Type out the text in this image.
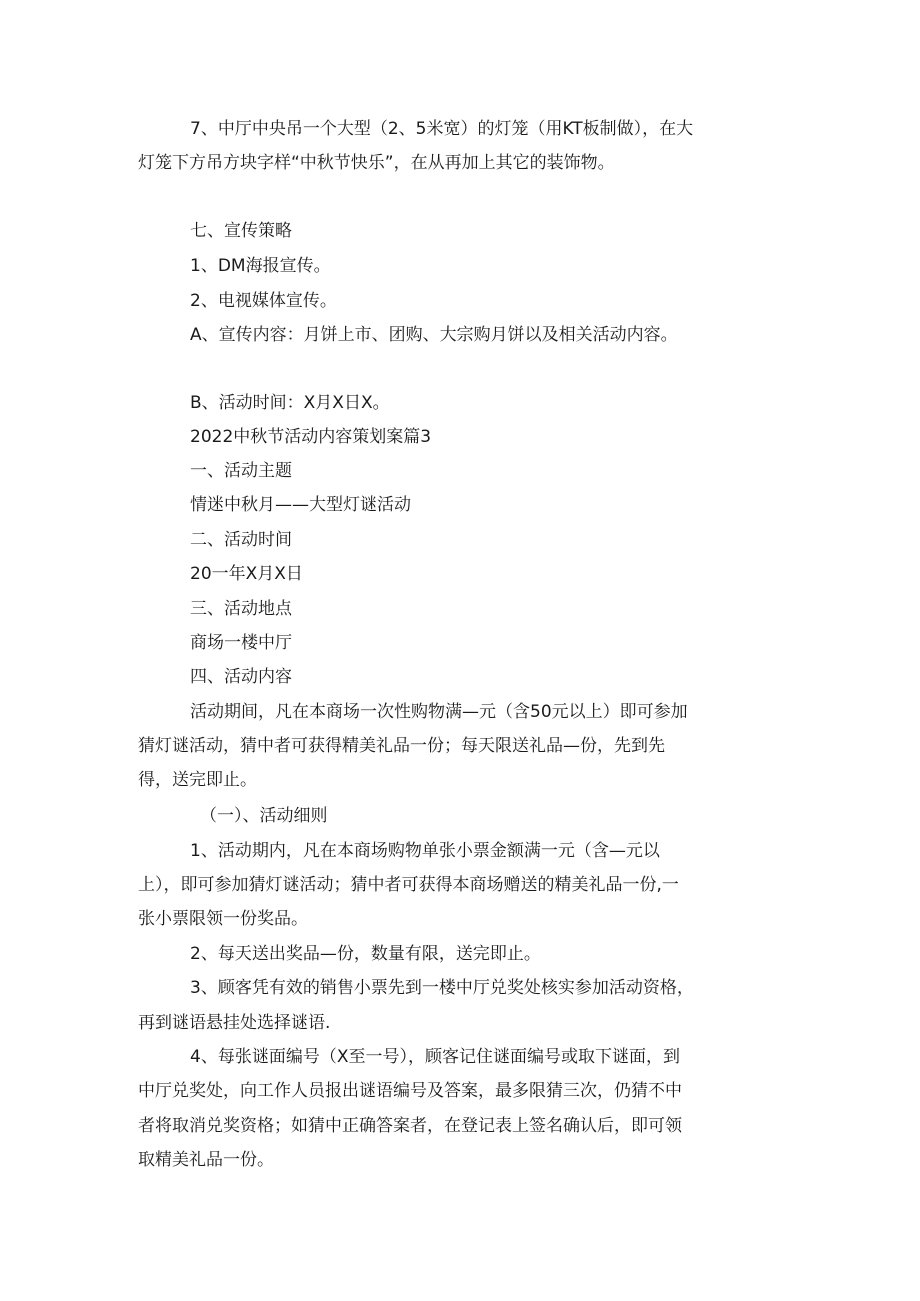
7、中厅中央吊一个大型（2、5米宽）的灯笼（用KT板制做），在大
灯笼下方吊方块字样“中秋节快乐”，在从再加上其它的装饰物。
七、宣传策略
1、DM海报宣传。
2、电视媒体宣传。
A、宣传内容：月饼上市、团购、大宗购月饼以及相关活动内容。
B、活动时间：X月X日X。
2022中秋节活动内容策划案篇3
一、活动主题
情迷中秋月——大型灯谜活动
二、活动时间
20一年X月X日
三、活动地点
商场一楼中厅
四、活动内容
活动期间，凡在本商场一次性购物满—元（含50元以上）即可参加
猜灯谜活动，猜中者可获得精美礼品一份；每天限送礼品—份，先到先
得，送完即止。
（一）、活动细则
1、活动期内，凡在本商场购物单张小票金额满一元（含—元以
上），即可参加猜灯谜活动；猜中者可获得本商场赠送的精美礼品一份,一
张小票限领一份奖品。
2、每天送出奖品—份，数量有限，送完即止。
3、顾客凭有效的销售小票先到一楼中厅兑奖处核实参加活动资格，
再到谜语悬挂处选择谜语.
4、每张谜面编号（X至一号），顾客记住谜面编号或取下谜面，到
中厅兑奖处，向工作人员报出谜语编号及答案，最多限猜三次，仍猜不中
者将取消兑奖资格；如猜中正确答案者，在登记表上签名确认后，即可领
取精美礼品一份。
